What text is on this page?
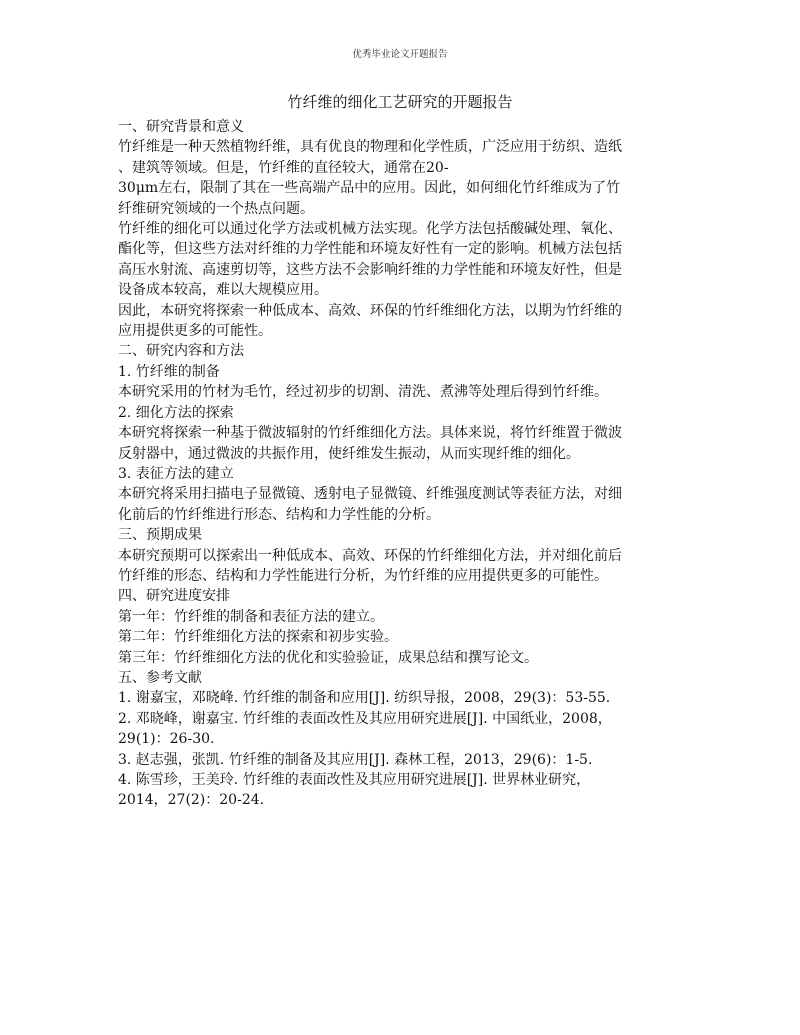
优秀毕业论文开题报告
竹纤维的细化工艺研究的开题报告

一、研究背景和意义

竹纤维是一种天然植物纤维，具有优良的物理和化学性质，广泛应用于纺织、造纸

、建筑等领域。但是，竹纤维的直径较大，通常在20-

30μm左右，限制了其在一些高端产品中的应用。因此，如何细化竹纤维成为了竹

纤维研究领域的一个热点问题。

竹纤维的细化可以通过化学方法或机械方法实现。化学方法包括酸碱处理、氧化、

酯化等，但这些方法对纤维的力学性能和环境友好性有一定的影响。机械方法包括

高压水射流、高速剪切等，这些方法不会影响纤维的力学性能和环境友好性，但是

设备成本较高，难以大规模应用。

因此，本研究将探索一种低成本、高效、环保的竹纤维细化方法，以期为竹纤维的

应用提供更多的可能性。

二、研究内容和方法

1. 竹纤维的制备

本研究采用的竹材为毛竹，经过初步的切割、清洗、煮沸等处理后得到竹纤维。

2. 细化方法的探索

本研究将探索一种基于微波辐射的竹纤维细化方法。具体来说，将竹纤维置于微波

反射器中，通过微波的共振作用，使纤维发生振动，从而实现纤维的细化。

3. 表征方法的建立

本研究将采用扫描电子显微镜、透射电子显微镜、纤维强度测试等表征方法，对细

化前后的竹纤维进行形态、结构和力学性能的分析。

三、预期成果

本研究预期可以探索出一种低成本、高效、环保的竹纤维细化方法，并对细化前后

竹纤维的形态、结构和力学性能进行分析，为竹纤维的应用提供更多的可能性。

四、研究进度安排

第一年：竹纤维的制备和表征方法的建立。

第二年：竹纤维细化方法的探索和初步实验。

第三年：竹纤维细化方法的优化和实验验证，成果总结和撰写论文。

五、参考文献

1. 谢嘉宝，邓晓峰. 竹纤维的制备和应用[J]. 纺织导报，2008，29(3)：53-55.

2. 邓晓峰，谢嘉宝. 竹纤维的表面改性及其应用研究进展[J]. 中国纸业，2008，

29(1)：26-30.

3. 赵志强，张凯. 竹纤维的制备及其应用[J]. 森林工程，2013，29(6)：1-5.

4. 陈雪珍，王美玲. 竹纤维的表面改性及其应用研究进展[J]. 世界林业研究，

2014，27(2)：20-24.
